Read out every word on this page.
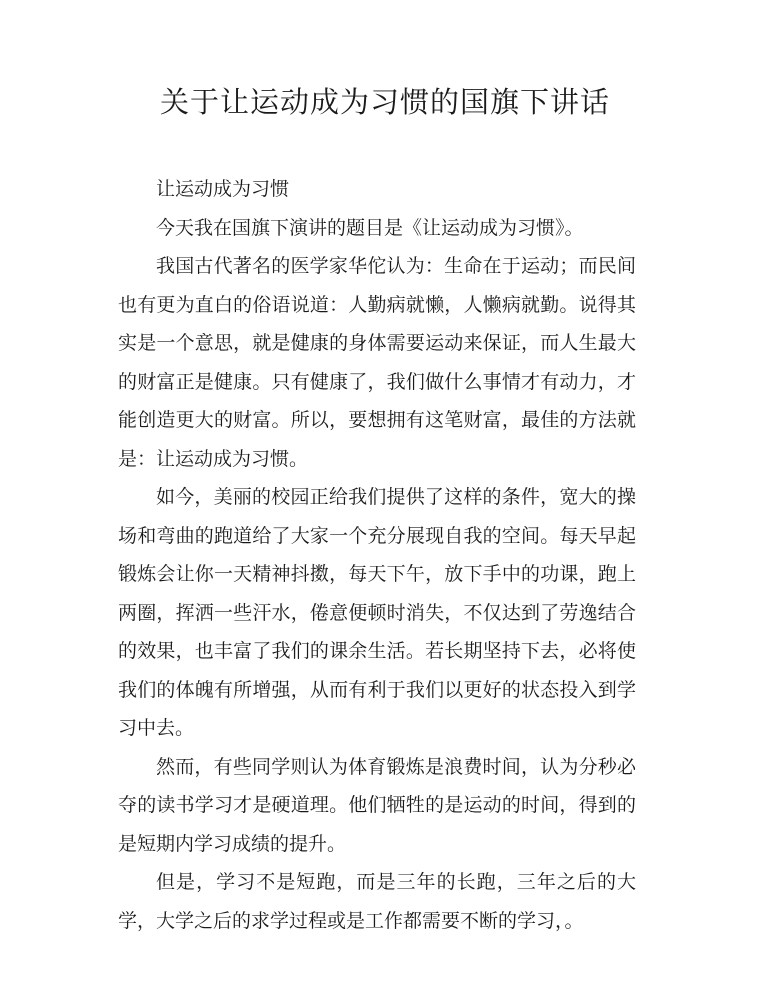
关于让运动成为习惯的国旗下讲话

让运动成为习惯

今天我在国旗下演讲的题目是《让运动成为习惯》。

我国古代著名的医学家华佗认为：生命在于运动；而民间也有更为直白的俗语说道：人勤病就懒，人懒病就勤。说得其实是一个意思，就是健康的身体需要运动来保证，而人生最大的财富正是健康。只有健康了，我们做什么事情才有动力，才能创造更大的财富。所以，要想拥有这笔财富，最佳的方法就是：让运动成为习惯。

如今，美丽的校园正给我们提供了这样的条件，宽大的操场和弯曲的跑道给了大家一个充分展现自我的空间。每天早起锻炼会让你一天精神抖擞，每天下午，放下手中的功课，跑上两圈，挥洒一些汗水，倦意便顿时消失，不仅达到了劳逸结合的效果，也丰富了我们的课余生活。若长期坚持下去，必将使我们的体魄有所增强，从而有利于我们以更好的状态投入到学习中去。

然而，有些同学则认为体育锻炼是浪费时间，认为分秒必夺的读书学习才是硬道理。他们牺牲的是运动的时间，得到的是短期内学习成绩的提升。

但是，学习不是短跑，而是三年的长跑，三年之后的大学，大学之后的求学过程或是工作都需要不断的学习，。
